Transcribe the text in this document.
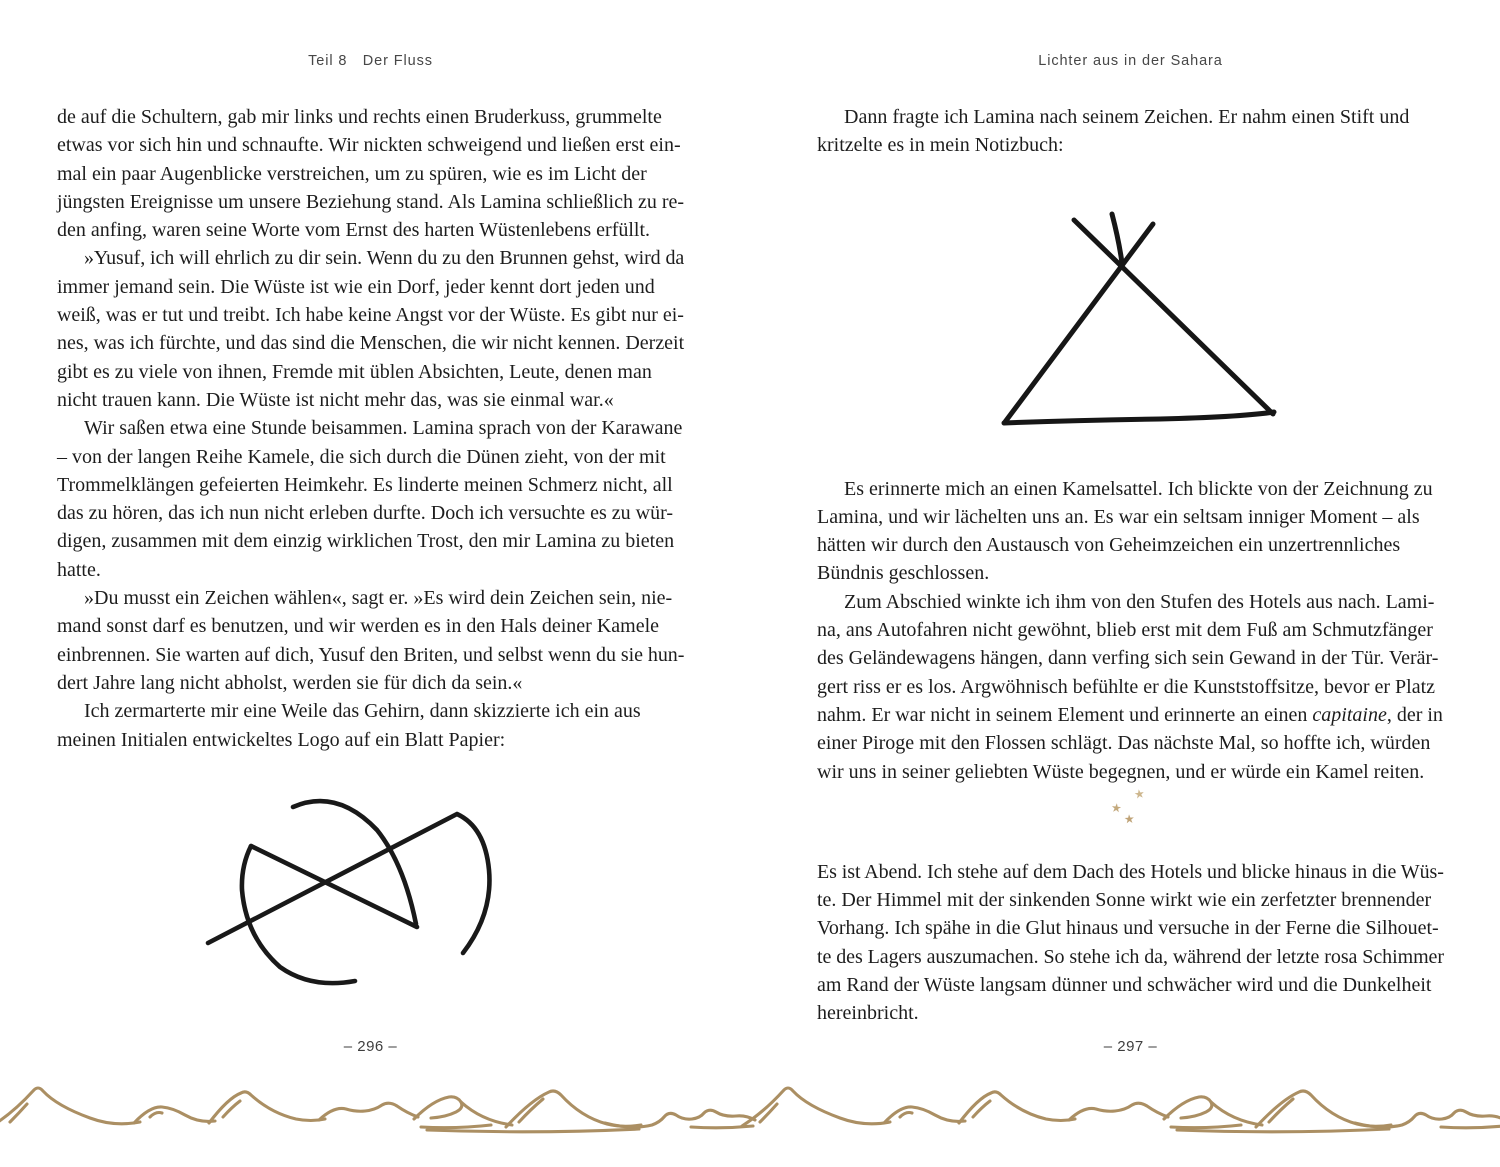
Teil 8 Der Fluss
de auf die Schultern, gab mir links und rechts einen Bruderkuss, grummelte
etwas vor sich hin und schnaufte. Wir nickten schweigend und ließen erst ein-
mal ein paar Augenblicke verstreichen, um zu spüren, wie es im Licht der
jüngsten Ereignisse um unsere Beziehung stand. Als Lamina schließlich zu re-
den anfing, waren seine Worte vom Ernst des harten Wüstenlebens erfüllt.
»Yusuf, ich will ehrlich zu dir sein. Wenn du zu den Brunnen gehst, wird da
immer jemand sein. Die Wüste ist wie ein Dorf, jeder kennt dort jeden und
weiß, was er tut und treibt. Ich habe keine Angst vor der Wüste. Es gibt nur ei-
nes, was ich fürchte, und das sind die Menschen, die wir nicht kennen. Derzeit
gibt es zu viele von ihnen, Fremde mit üblen Absichten, Leute, denen man
nicht trauen kann. Die Wüste ist nicht mehr das, was sie einmal war.«
Wir saßen etwa eine Stunde beisammen. Lamina sprach von der Karawane
– von der langen Reihe Kamele, die sich durch die Dünen zieht, von der mit
Trommelklängen gefeierten Heimkehr. Es linderte meinen Schmerz nicht, all
das zu hören, das ich nun nicht erleben durfte. Doch ich versuchte es zu wür-
digen, zusammen mit dem einzig wirklichen Trost, den mir Lamina zu bieten
hatte.
»Du musst ein Zeichen wählen«, sagt er. »Es wird dein Zeichen sein, nie-
mand sonst darf es benutzen, und wir werden es in den Hals deiner Kamele
einbrennen. Sie warten auf dich, Yusuf den Briten, und selbst wenn du sie hun-
dert Jahre lang nicht abholst, werden sie für dich da sein.«
Ich zermarterte mir eine Weile das Gehirn, dann skizzierte ich ein aus
meinen Initialen entwickeltes Logo auf ein Blatt Papier:
– 296 –
Lichter aus in der Sahara
Dann fragte ich Lamina nach seinem Zeichen. Er nahm einen Stift und
kritzelte es in mein Notizbuch:
Es erinnerte mich an einen Kamelsattel. Ich blickte von der Zeichnung zu
Lamina, und wir lächelten uns an. Es war ein seltsam inniger Moment – als
hätten wir durch den Austausch von Geheimzeichen ein unzertrennliches
Bündnis geschlossen.
Zum Abschied winkte ich ihm von den Stufen des Hotels aus nach. Lami-
na, ans Autofahren nicht gewöhnt, blieb erst mit dem Fuß am Schmutzfänger
des Geländewagens hängen, dann verfing sich sein Gewand in der Tür. Verär-
gert riss er es los. Argwöhnisch befühlte er die Kunststoffsitze, bevor er Platz
nahm. Er war nicht in seinem Element und erinnerte an einen capitaine, der in
einer Piroge mit den Flossen schlägt. Das nächste Mal, so hoffte ich, würden
wir uns in seiner geliebten Wüste begegnen, und er würde ein Kamel reiten.
★
★
★
Es ist Abend. Ich stehe auf dem Dach des Hotels und blicke hinaus in die Wüs-
te. Der Himmel mit der sinkenden Sonne wirkt wie ein zerfetzter brennender
Vorhang. Ich spähe in die Glut hinaus und versuche in der Ferne die Silhouet-
te des Lagers auszumachen. So stehe ich da, während der letzte rosa Schimmer
am Rand der Wüste langsam dünner und schwächer wird und die Dunkelheit
hereinbricht.
– 297 –
